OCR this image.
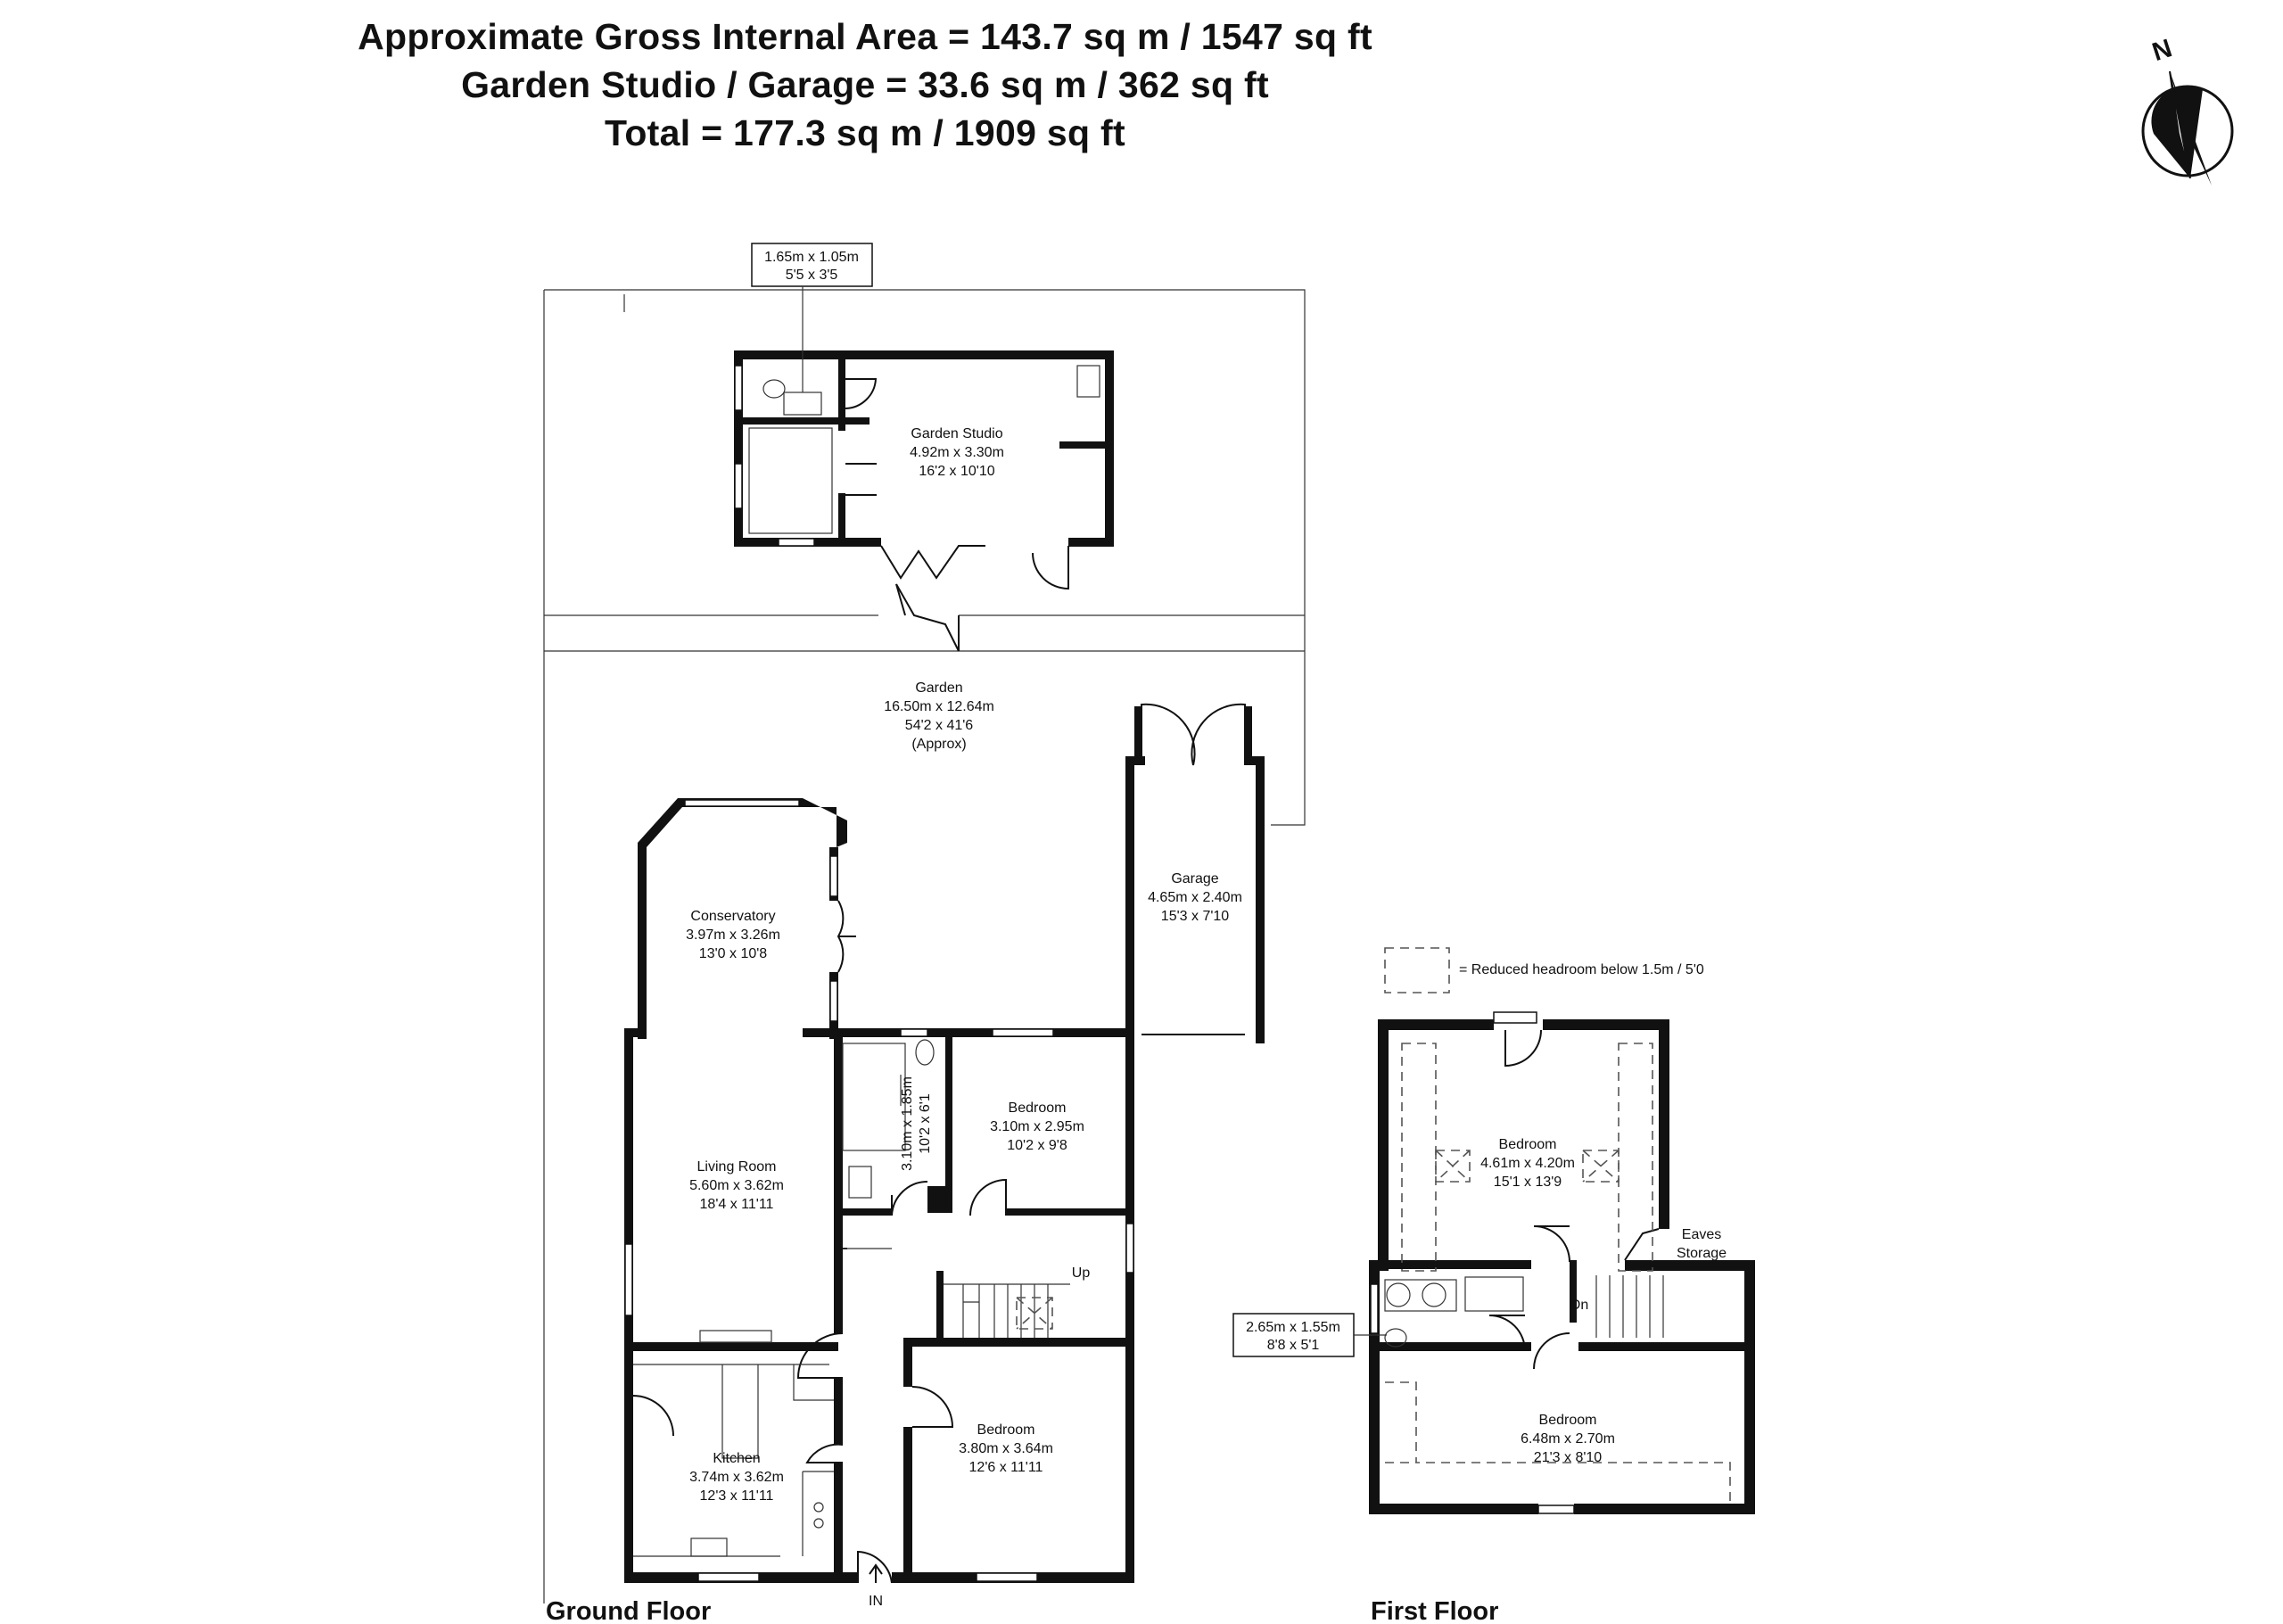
Approximate Gross Internal Area = 143.7 sq m / 1547 sq ft
Garden Studio / Garage = 33.6 sq m / 362 sq ft
Total = 177.3 sq m / 1909 sq ft
N
1.65m x 1.05m
5'5 x 3'5
Garden Studio
4.92m x 3.30m
16'2 x 10'10
Garden
16.50m x 12.64m
54'2 x 41'6
(Approx)
Garage
4.65m x 2.40m
15'3 x 7'10
Conservatory
3.97m x 3.26m
13'0 x 10'8
3.10m x 1.85m 10'2 x 6'1	Bedroom
3.10m x 2.95m
10'2 x 9'8
Living Room
5.60m x 3.62m
18'4 x 11'11
Kitchen
3.74m x 3.62m
12'3 x 11'11
Bedroom
3.80m x 3.64m
12'6 x 11'11
Up
IN
Ground Floor
= Reduced headroom below 1.5m / 5'0
Bedroom
4.61m x 4.20m
15'1 x 13'9
Eaves
Storage
Dn
2.65m x 1.55m
8'8 x 5'1
Bedroom
6.48m x 2.70m
21'3 x 8'10
First Floor
